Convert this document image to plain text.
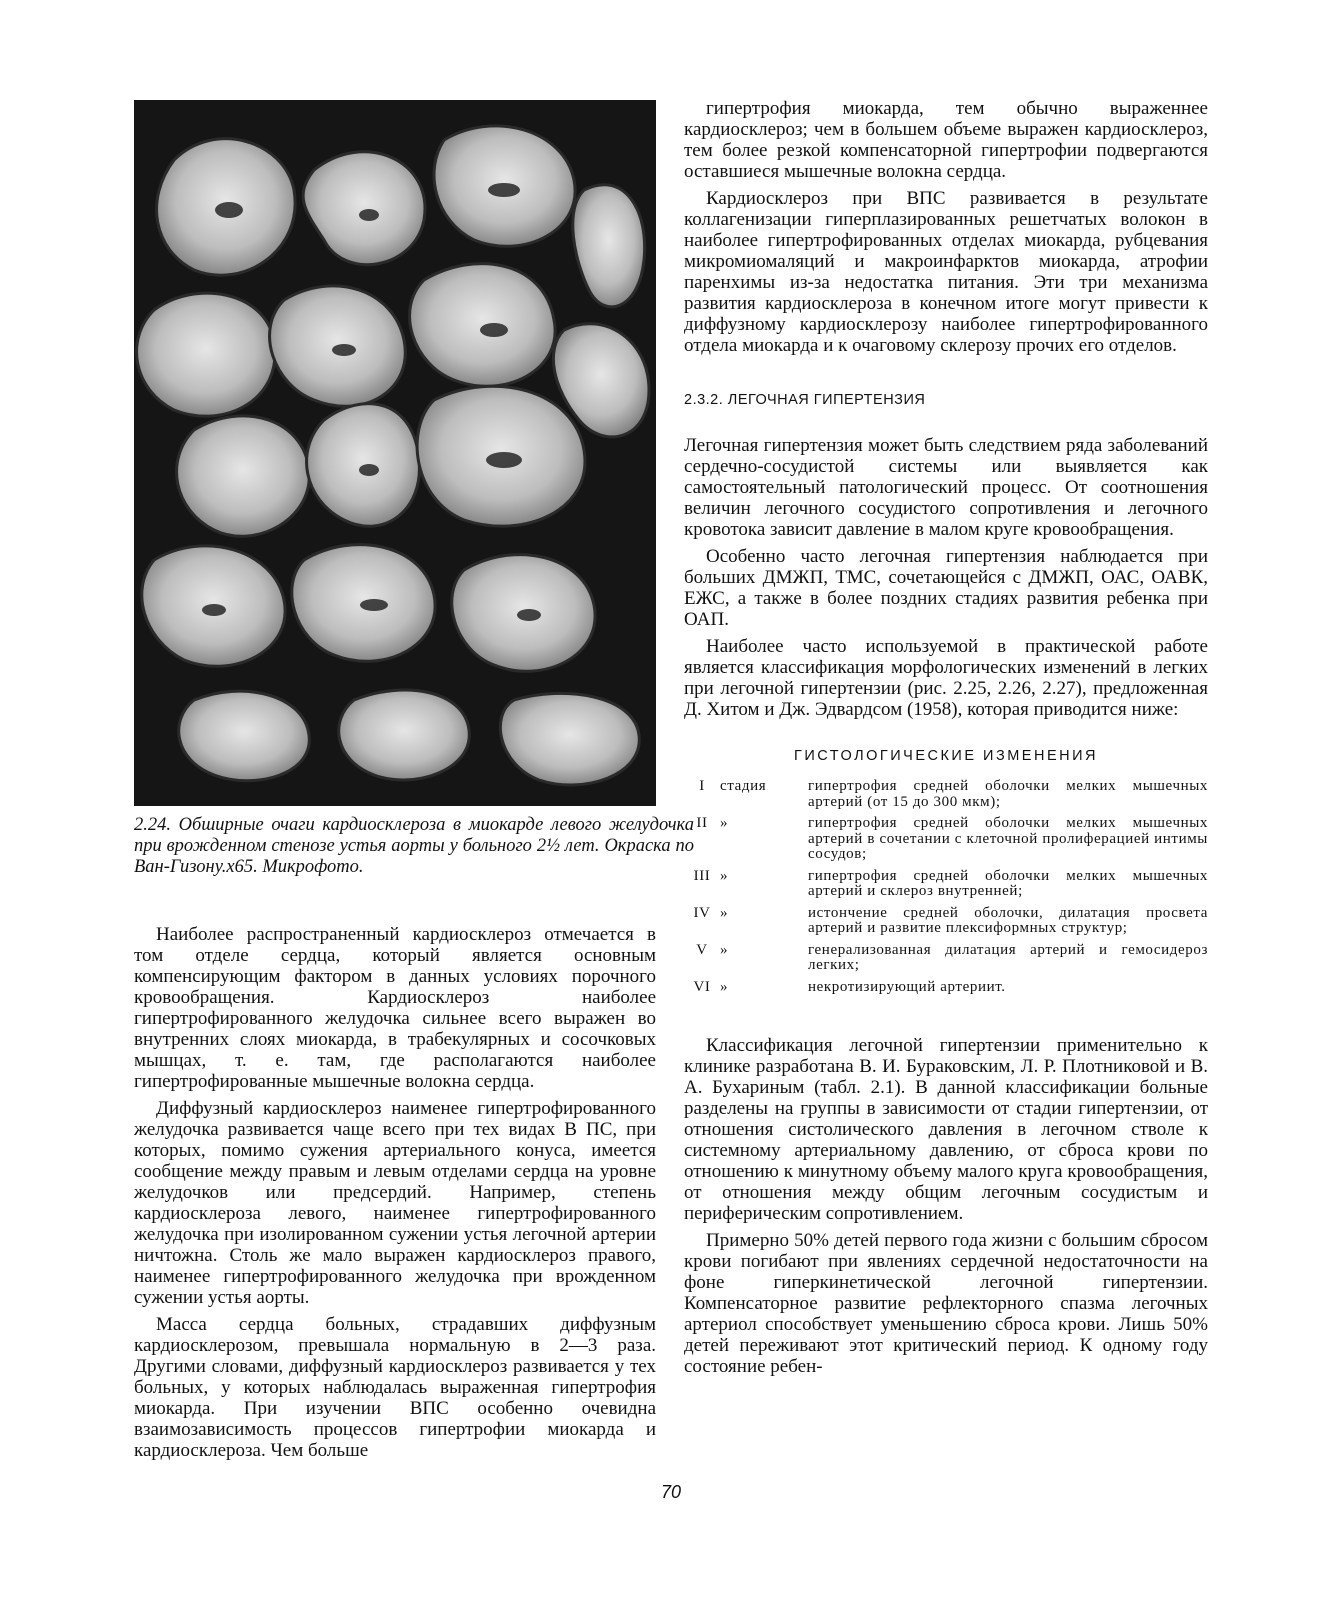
2.24. Обширные очаги кардиосклероза в миокарде левого желудочка при врожденном стенозе устья аорты у больного 2½ лет. Окраска по Ван-Гизону.х65. Микрофото.

Наиболее распространенный кардиосклероз отмечается в том отделе сердца, который является основным компенсирующим фактором в данных условиях порочного кровообращения. Кардиосклероз наиболее гипертрофированного желудочка сильнее всего выражен во внутренних слоях миокарда, в трабекулярных и сосочковых мышцах, т. е. там, где располагаются наиболее гипертрофированные мышечные волокна сердца.

Диффузный кардиосклероз наименее гипертрофированного желудочка развивается чаще всего при тех видах В ПС, при которых, помимо сужения артериального конуса, имеется сообщение между правым и левым отделами сердца на уровне желудочков или предсердий. Например, степень кардиосклероза левого, наименее гипертрофированного желудочка при изолированном сужении устья легочной артерии ничтожна. Столь же мало выражен кардиосклероз правого, наименее гипертрофированного желудочка при врожденном сужении устья аорты.

Масса сердца больных, страдавших диффузным кардиосклерозом, превышала нормальную в 2—3 раза. Другими словами, диффузный кардиосклероз развивается у тех больных, у которых наблюдалась выраженная гипертрофия миокарда. При изучении ВПС особенно очевидна взаимозависимость процессов гипертрофии миокарда и кардиосклероза. Чем больше

гипертрофия миокарда, тем обычно выраженнее кардиосклероз; чем в большем объеме выражен кардиосклероз, тем более резкой компенсаторной гипертрофии подвергаются оставшиеся мышечные волокна сердца.

Кардиосклероз при ВПС развивается в результате коллагенизации гиперплазированных решетчатых волокон в наиболее гипертрофированных отделах миокарда, рубцевания микромиомаляций и макроинфарктов миокарда, атрофии паренхимы из-за недостатка питания. Эти три механизма развития кардиосклероза в конечном итоге могут привести к диффузному кардиосклерозу наиболее гипертрофированного отдела миокарда и к очаговому склерозу прочих его отделов.

2.3.2. ЛЕГОЧНАЯ ГИПЕРТЕНЗИЯ

Легочная гипертензия может быть следствием ряда заболеваний сердечно-сосудистой системы или выявляется как самостоятельный патологический процесс. От соотношения величин легочного сосудистого сопротивления и легочного кровотока зависит давление в малом круге кровообращения.

Особенно часто легочная гипертензия наблюдается при больших ДМЖП, ТМС, сочетающейся с ДМЖП, ОАС, ОАВК, ЕЖС, а также в более поздних стадиях развития ребенка при ОАП.

Наиболее часто используемой в практической работе является классификация морфологических изменений в легких при легочной гипертензии (рис. 2.25, 2.26, 2.27), предложенная Д. Хитом и Дж. Эдвардсом (1958), которая приводится ниже:

ГИСТОЛОГИЧЕСКИЕ ИЗМЕНЕНИЯ
I	стадия	гипертрофия средней оболочки мелких мышечных артерий (от 15 до 300 мкм);
II	»	гипертрофия средней оболочки мелких мышечных артерий в сочетании с клеточной пролиферацией интимы сосудов;
III	»	гипертрофия средней оболочки мелких мышечных артерий и склероз внутренней;
IV	»	истончение средней оболочки, дилатация просвета артерий и развитие плексиформных структур;
V	»	генерализованная дилатация артерий и гемосидероз легких;
VI	»	некротизирующий артериит.

Классификация легочной гипертензии применительно к клинике разработана В. И. Бураковским, Л. Р. Плотниковой и В. А. Бухариным (табл. 2.1). В данной классификации больные разделены на группы в зависимости от стадии гипертензии, от отношения систолического давления в легочном стволе к системному артериальному давлению, от сброса крови по отношению к минутному объему малого круга кровообращения, от отношения между общим легочным сосудистым и периферическим сопротивлением.

Примерно 50% детей первого года жизни с большим сбросом крови погибают при явлениях сердечной недостаточности на фоне гиперкинетической легочной гипертензии. Компенсаторное развитие рефлекторного спазма легочных артериол способствует уменьшению сброса крови. Лишь 50% детей переживают этот критический период. К одному году состояние ребен-

70
